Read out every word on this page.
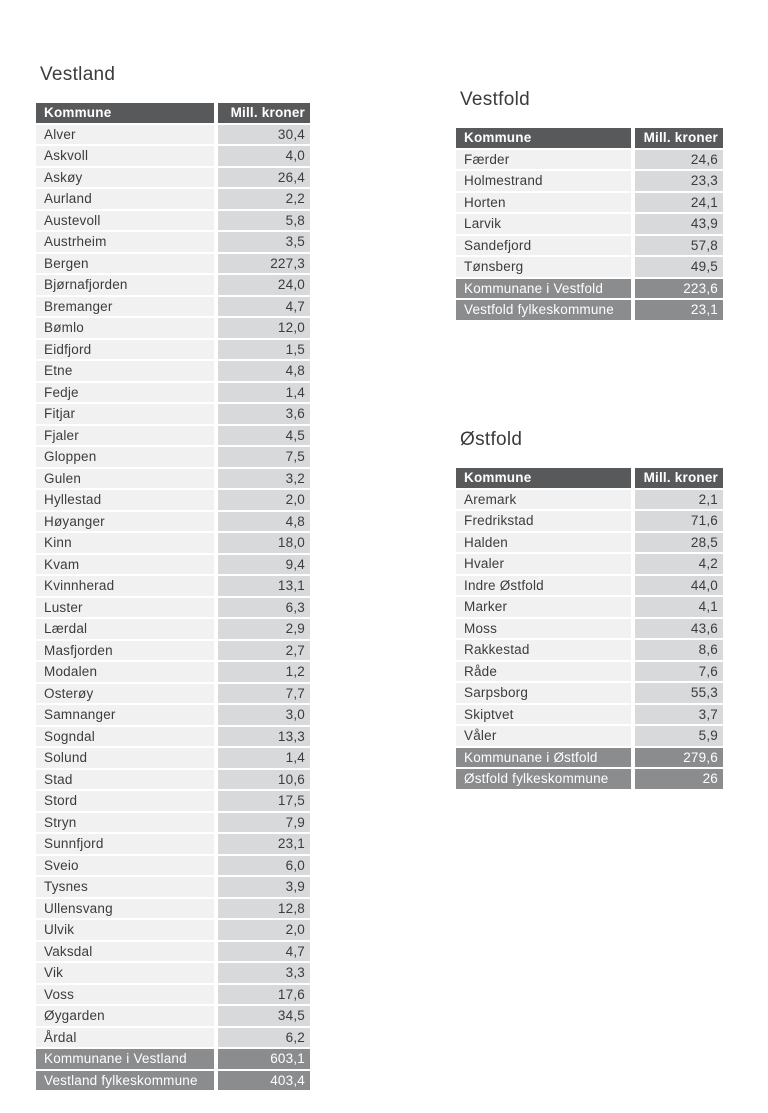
Vestland
Kommune	Mill. kroner
Alver	30,4
Askvoll	4,0
Askøy	26,4
Aurland	2,2
Austevoll	5,8
Austrheim	3,5
Bergen	227,3
Bjørnafjorden	24,0
Bremanger	4,7
Bømlo	12,0
Eidfjord	1,5
Etne	4,8
Fedje	1,4
Fitjar	3,6
Fjaler	4,5
Gloppen	7,5
Gulen	3,2
Hyllestad	2,0
Høyanger	4,8
Kinn	18,0
Kvam	9,4
Kvinnherad	13,1
Luster	6,3
Lærdal	2,9
Masfjorden	2,7
Modalen	1,2
Osterøy	7,7
Samnanger	3,0
Sogndal	13,3
Solund	1,4
Stad	10,6
Stord	17,5
Stryn	7,9
Sunnfjord	23,1
Sveio	6,0
Tysnes	3,9
Ullensvang	12,8
Ulvik	2,0
Vaksdal	4,7
Vik	3,3
Voss	17,6
Øygarden	34,5
Årdal	6,2
Kommunane i Vestland	603,1
Vestland fylkeskommune	403,4
Vestfold
Kommune	Mill. kroner
Færder	24,6
Holmestrand	23,3
Horten	24,1
Larvik	43,9
Sandefjord	57,8
Tønsberg	49,5
Kommunane i Vestfold	223,6
Vestfold fylkeskommune	23,1
Østfold
Kommune	Mill. kroner
Aremark	2,1
Fredrikstad	71,6
Halden	28,5
Hvaler	4,2
Indre Østfold	44,0
Marker	4,1
Moss	43,6
Rakkestad	8,6
Råde	7,6
Sarpsborg	55,3
Skiptvet	3,7
Våler	5,9
Kommunane i Østfold	279,6
Østfold fylkeskommune	26
